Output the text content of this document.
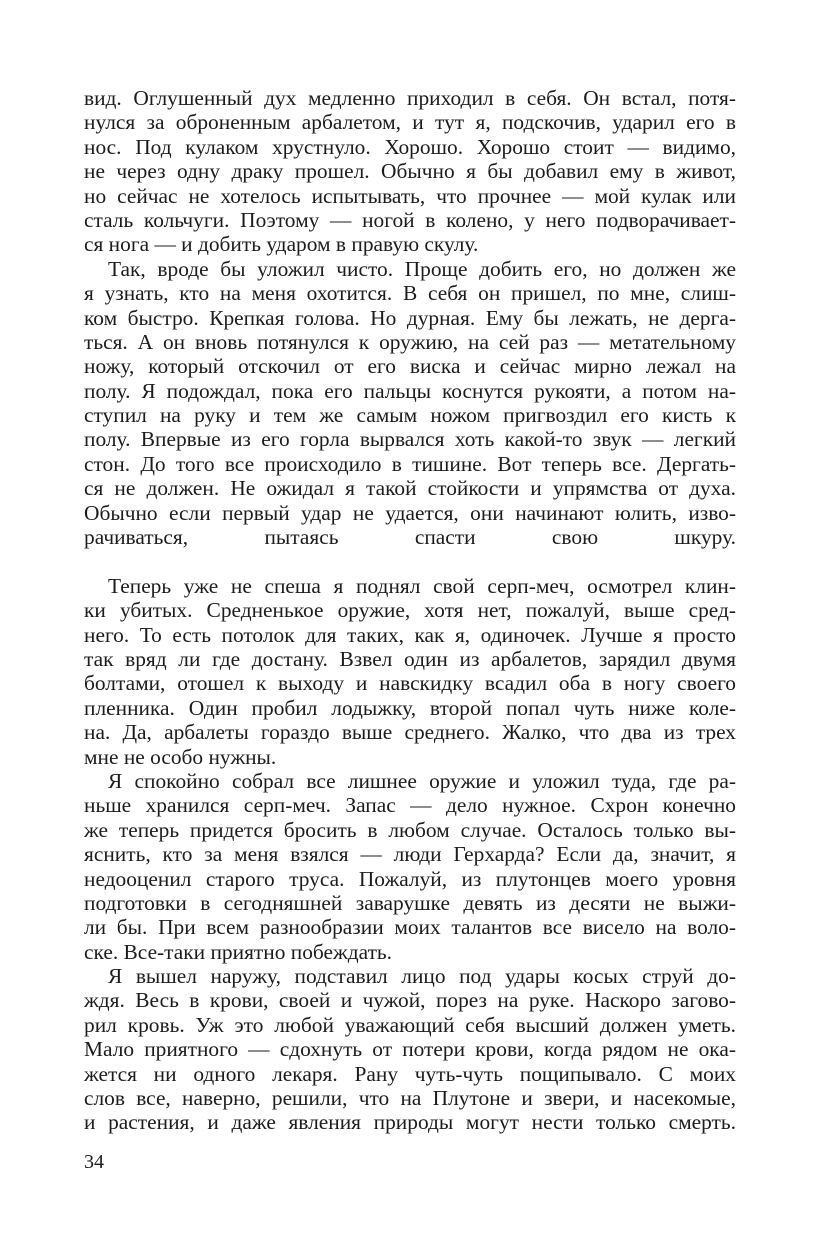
вид. Оглушенный дух медленно приходил в себя. Он встал, потя-
нулся за оброненным арбалетом, и тут я, подскочив, ударил его в
нос. Под кулаком хрустнуло. Хорошо. Хорошо стоит — видимо,
не через одну драку прошел. Обычно я бы добавил ему в живот,
но сейчас не хотелось испытывать, что прочнее — мой кулак или
сталь кольчуги. Поэтому — ногой в колено, у него подворачивает-
ся нога — и добить ударом в правую скулу.
Так, вроде бы уложил чисто. Проще добить его, но должен же
я узнать, кто на меня охотится. В себя он пришел, по мне, слиш-
ком быстро. Крепкая голова. Но дурная. Ему бы лежать, не дерга-
ться. А он вновь потянулся к оружию, на сей раз — метательному
ножу, который отскочил от его виска и сейчас мирно лежал на
полу. Я подождал, пока его пальцы коснутся рукояти, а потом на-
ступил на руку и тем же самым ножом пригвоздил его кисть к
полу. Впервые из его горла вырвался хоть какой-то звук — легкий
стон. До того все происходило в тишине. Вот теперь все. Дергать-
ся не должен. Не ожидал я такой стойкости и упрямства от духа.
Обычно если первый удар не удается, они начинают юлить, изво-
рачиваться, пытаясь спасти свою шкуру.
Теперь уже не спеша я поднял свой серп-меч, осмотрел клин-
ки убитых. Средненькое оружие, хотя нет, пожалуй, выше сред-
него. То есть потолок для таких, как я, одиночек. Лучше я просто
так вряд ли где достану. Взвел один из арбалетов, зарядил двумя
болтами, отошел к выходу и навскидку всадил оба в ногу своего
пленника. Один пробил лодыжку, второй попал чуть ниже коле-
на. Да, арбалеты гораздо выше среднего. Жалко, что два из трех
мне не особо нужны.
Я спокойно собрал все лишнее оружие и уложил туда, где ра-
ньше хранился серп-меч. Запас — дело нужное. Схрон конечно
же теперь придется бросить в любом случае. Осталось только вы-
яснить, кто за меня взялся — люди Герхарда? Если да, значит, я
недооценил старого труса. Пожалуй, из плутонцев моего уровня
подготовки в сегодняшней заварушке девять из десяти не выжи-
ли бы. При всем разнообразии моих талантов все висело на воло-
ске. Все-таки приятно побеждать.
Я вышел наружу, подставил лицо под удары косых струй до-
ждя. Весь в крови, своей и чужой, порез на руке. Наскоро загово-
рил кровь. Уж это любой уважающий себя высший должен уметь.
Мало приятного — сдохнуть от потери крови, когда рядом не ока-
жется ни одного лекаря. Рану чуть-чуть пощипывало. С моих
слов все, наверно, решили, что на Плутоне и звери, и насекомые,
и растения, и даже явления природы могут нести только смерть.
34
